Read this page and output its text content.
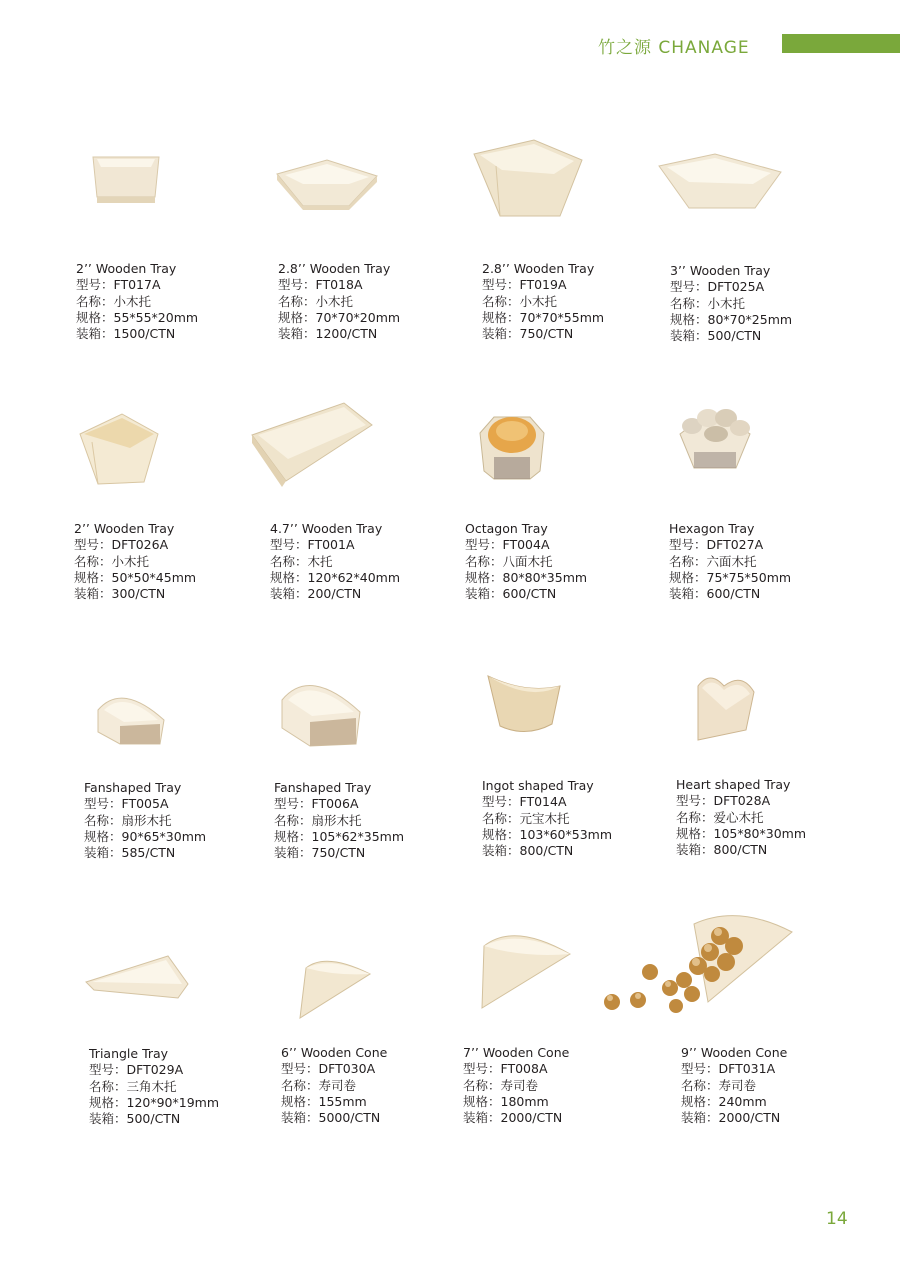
竹之源 CHANAGE
2’’ Wooden Tray
型号：FT017A
名称：小木托
规格：55*55*20mm
装箱：1500/CTN
2.8’’ Wooden Tray
型号：FT018A
名称：小木托
规格：70*70*20mm
装箱：1200/CTN
2.8’’ Wooden Tray
型号：FT019A
名称：小木托
规格：70*70*55mm
装箱：750/CTN
3’’ Wooden Tray
型号：DFT025A
名称：小木托
规格：80*70*25mm
装箱：500/CTN
2’’ Wooden Tray
型号：DFT026A
名称：小木托
规格：50*50*45mm
装箱：300/CTN
4.7’’ Wooden Tray
型号：FT001A
名称：木托
规格：120*62*40mm
装箱：200/CTN
Octagon Tray
型号：FT004A
名称：八面木托
规格：80*80*35mm
装箱：600/CTN
Hexagon Tray
型号：DFT027A
名称：六面木托
规格：75*75*50mm
装箱：600/CTN
Fanshaped Tray
型号：FT005A
名称：扇形木托
规格：90*65*30mm
装箱：585/CTN
Fanshaped Tray
型号：FT006A
名称：扇形木托
规格：105*62*35mm
装箱：750/CTN
Ingot shaped Tray
型号：FT014A
名称：元宝木托
规格：103*60*53mm
装箱：800/CTN
Heart shaped Tray
型号：DFT028A
名称：爱心木托
规格：105*80*30mm
装箱：800/CTN
Triangle Tray
型号：DFT029A
名称：三角木托
规格：120*90*19mm
装箱：500/CTN
6’’ Wooden Cone
型号：DFT030A
名称：寿司卷
规格：155mm
装箱：5000/CTN
7’’ Wooden Cone
型号：FT008A
名称：寿司卷
规格：180mm
装箱：2000/CTN
9’’ Wooden Cone
型号：DFT031A
名称：寿司卷
规格：240mm
装箱：2000/CTN
14
